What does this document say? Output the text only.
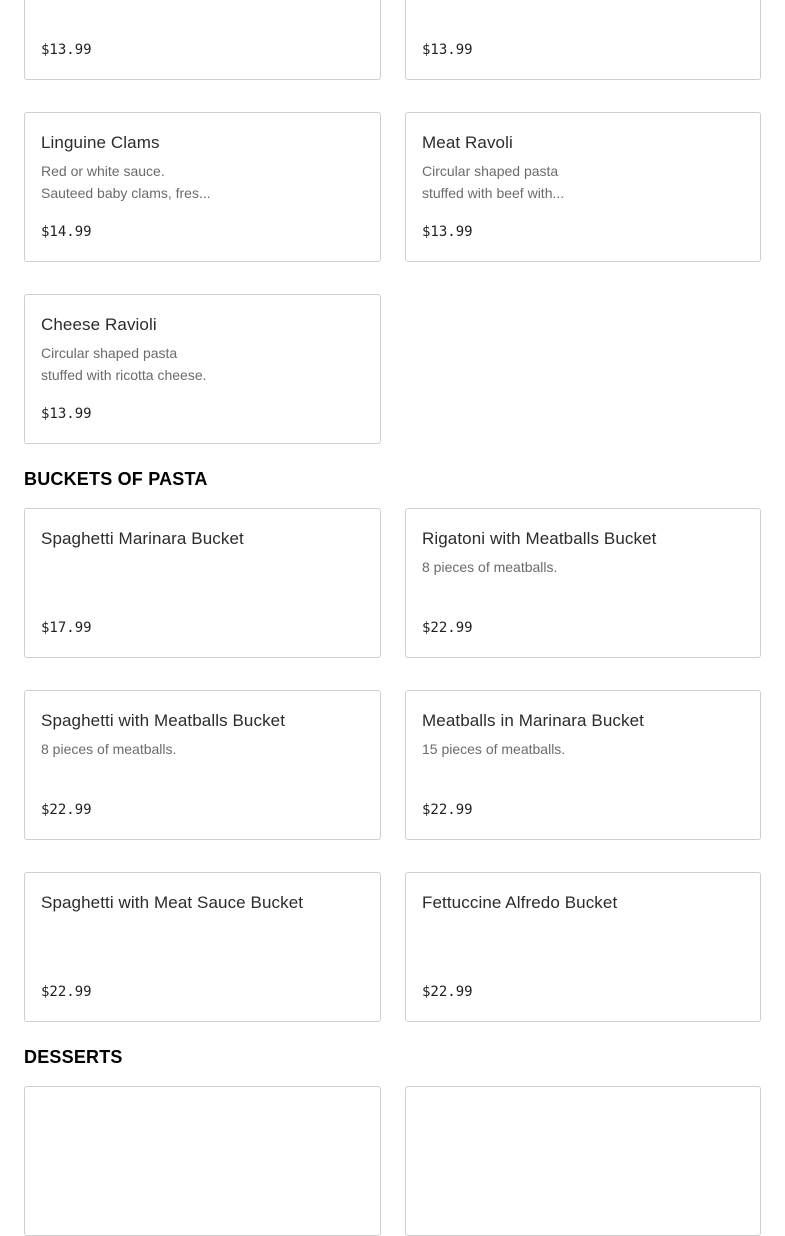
$13.99	$13.99
Linguine Clams
Red or white sauce.
Sauteed baby clams, fres...
$14.99
Meat Ravoli
Circular shaped pasta
stuffed with beef with...
$13.99
Cheese Ravioli
Circular shaped pasta
stuffed with ricotta cheese.
$13.99
BUCKETS OF PASTA
Spaghetti Marinara Bucket
$17.99
Rigatoni with Meatballs Bucket
8 pieces of meatballs.
$22.99
Spaghetti with Meatballs Bucket
8 pieces of meatballs.
$22.99
Meatballs in Marinara Bucket
15 pieces of meatballs.
$22.99
Spaghetti with Meat Sauce Bucket
$22.99
Fettuccine Alfredo Bucket
$22.99
DESSERTS
